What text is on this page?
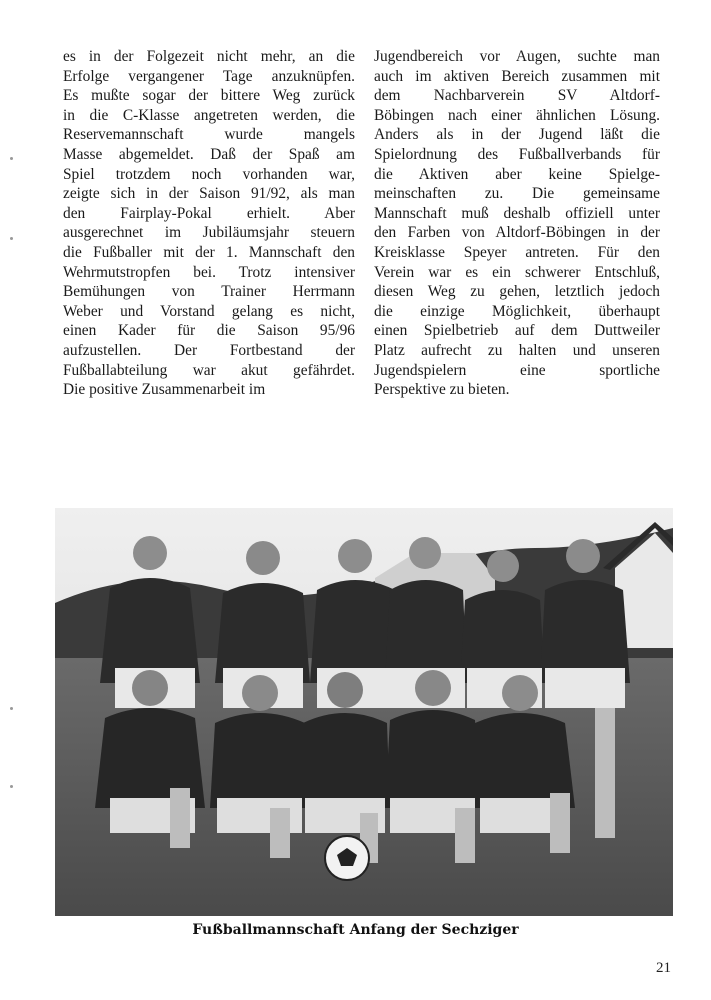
es in der Folgezeit nicht mehr, an die
Erfolge vergangener Tage anzuknüpfen.
Es mußte sogar der bittere Weg zurück
in die C-Klasse angetreten werden, die
Reservemannschaft wurde mangels
Masse abgemeldet. Daß der Spaß am
Spiel trotzdem noch vorhanden war,
zeigte sich in der Saison 91/92, als man
den Fairplay-Pokal erhielt. Aber
ausgerechnet im Jubiläumsjahr steuern
die Fußballer mit der 1. Mannschaft den
Wehrmutstropfen bei. Trotz intensiver
Bemühungen von Trainer Herrmann
Weber und Vorstand gelang es nicht,
einen Kader für die Saison 95/96
aufzustellen. Der Fortbestand der
Fußballabteilung war akut gefährdet.
Die positive Zusammenarbeit im
Jugendbereich vor Augen, suchte man
auch im aktiven Bereich zusammen mit
dem Nachbarverein SV Altdorf-
Böbingen nach einer ähnlichen Lösung.
Anders als in der Jugend läßt die
Spielordnung des Fußballverbands für
die Aktiven aber keine Spielge-
meinschaften zu. Die gemeinsame
Mannschaft muß deshalb offiziell unter
den Farben von Altdorf-Böbingen in der
Kreisklasse Speyer antreten. Für den
Verein war es ein schwerer Entschluß,
diesen Weg zu gehen, letztlich jedoch
die einzige Möglichkeit, überhaupt
einen Spielbetrieb auf dem Duttweiler
Platz aufrecht zu halten und unseren
Jugendspielern eine sportliche
Perspektive zu bieten.
Fußballmannschaft Anfang der Sechziger
21
